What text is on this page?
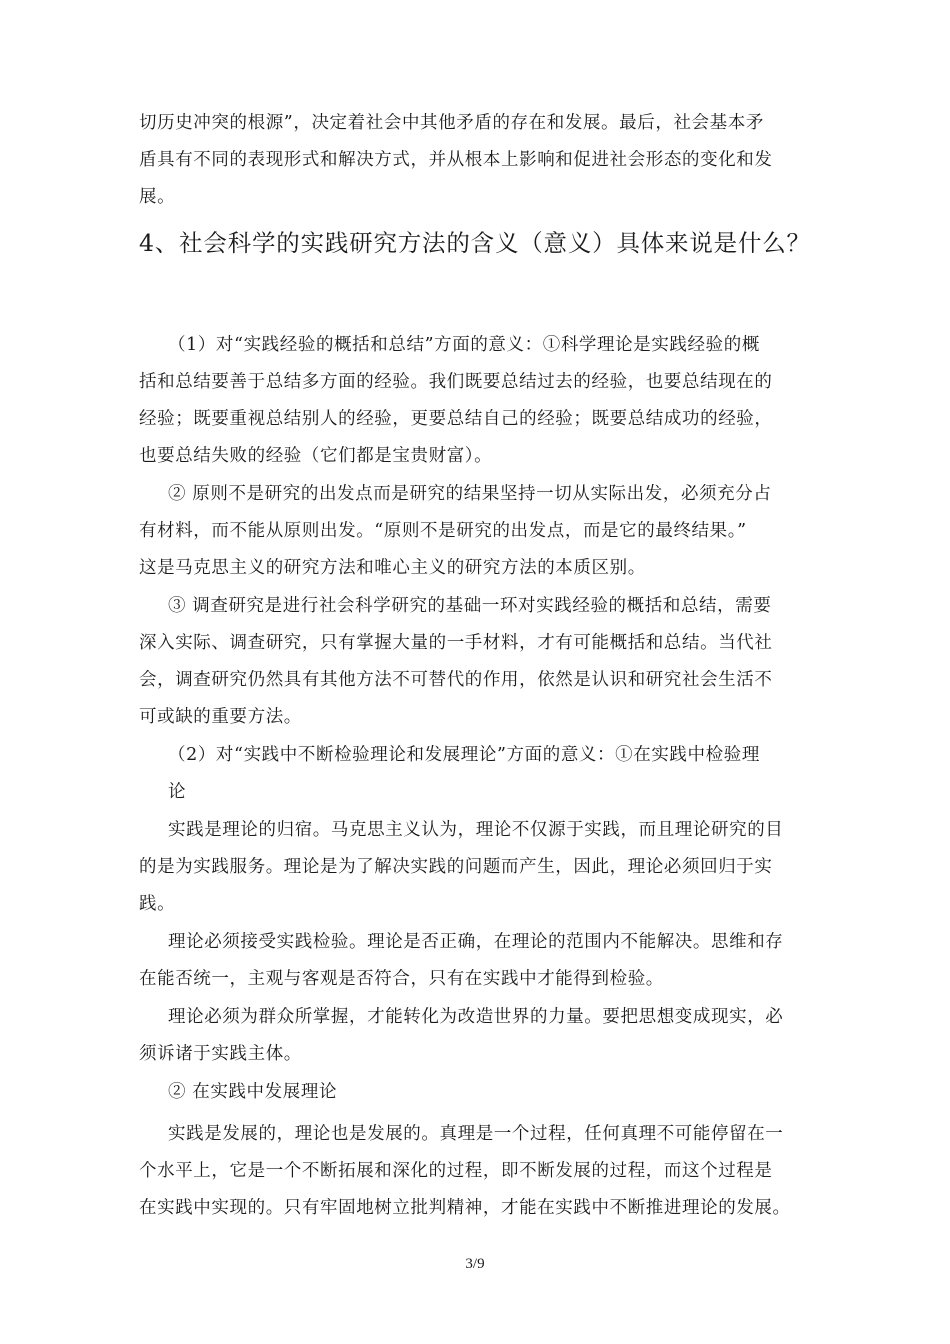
切历史冲突的根源”，决定着社会中其他矛盾的存在和发展。最后，社会基本矛
盾具有不同的表现形式和解决方式，并从根本上影响和促进社会形态的变化和发
展。
4、社会科学的实践研究方法的含义（意义）具体来说是什么？
（1）对“实践经验的概括和总结”方面的意义：①科学理论是实践经验的概
括和总结要善于总结多方面的经验。我们既要总结过去的经验，也要总结现在的
经验；既要重视总结别人的经验，更要总结自己的经验；既要总结成功的经验，
也要总结失败的经验（它们都是宝贵财富）。
② 原则不是研究的出发点而是研究的结果坚持一切从实际出发，必须充分占
有材料，而不能从原则出发。“原则不是研究的出发点，而是它的最终结果。”
这是马克思主义的研究方法和唯心主义的研究方法的本质区别。
③ 调查研究是进行社会科学研究的基础一环对实践经验的概括和总结，需要
深入实际、调查研究，只有掌握大量的一手材料，才有可能概括和总结。当代社
会，调查研究仍然具有其他方法不可替代的作用，依然是认识和研究社会生活不
可或缺的重要方法。
（2）对“实践中不断检验理论和发展理论”方面的意义：①在实践中检验理
论
实践是理论的归宿。马克思主义认为，理论不仅源于实践，而且理论研究的目
的是为实践服务。理论是为了解决实践的问题而产生，因此，理论必须回归于实
践。
理论必须接受实践检验。理论是否正确，在理论的范围内不能解决。思维和存
在能否统一，主观与客观是否符合，只有在实践中才能得到检验。
理论必须为群众所掌握，才能转化为改造世界的力量。要把思想变成现实，必
须诉诸于实践主体。
② 在实践中发展理论
实践是发展的，理论也是发展的。真理是一个过程，任何真理不可能停留在一
个水平上，它是一个不断拓展和深化的过程，即不断发展的过程，而这个过程是
在实践中实现的。只有牢固地树立批判精神，才能在实践中不断推进理论的发展。
3/9
